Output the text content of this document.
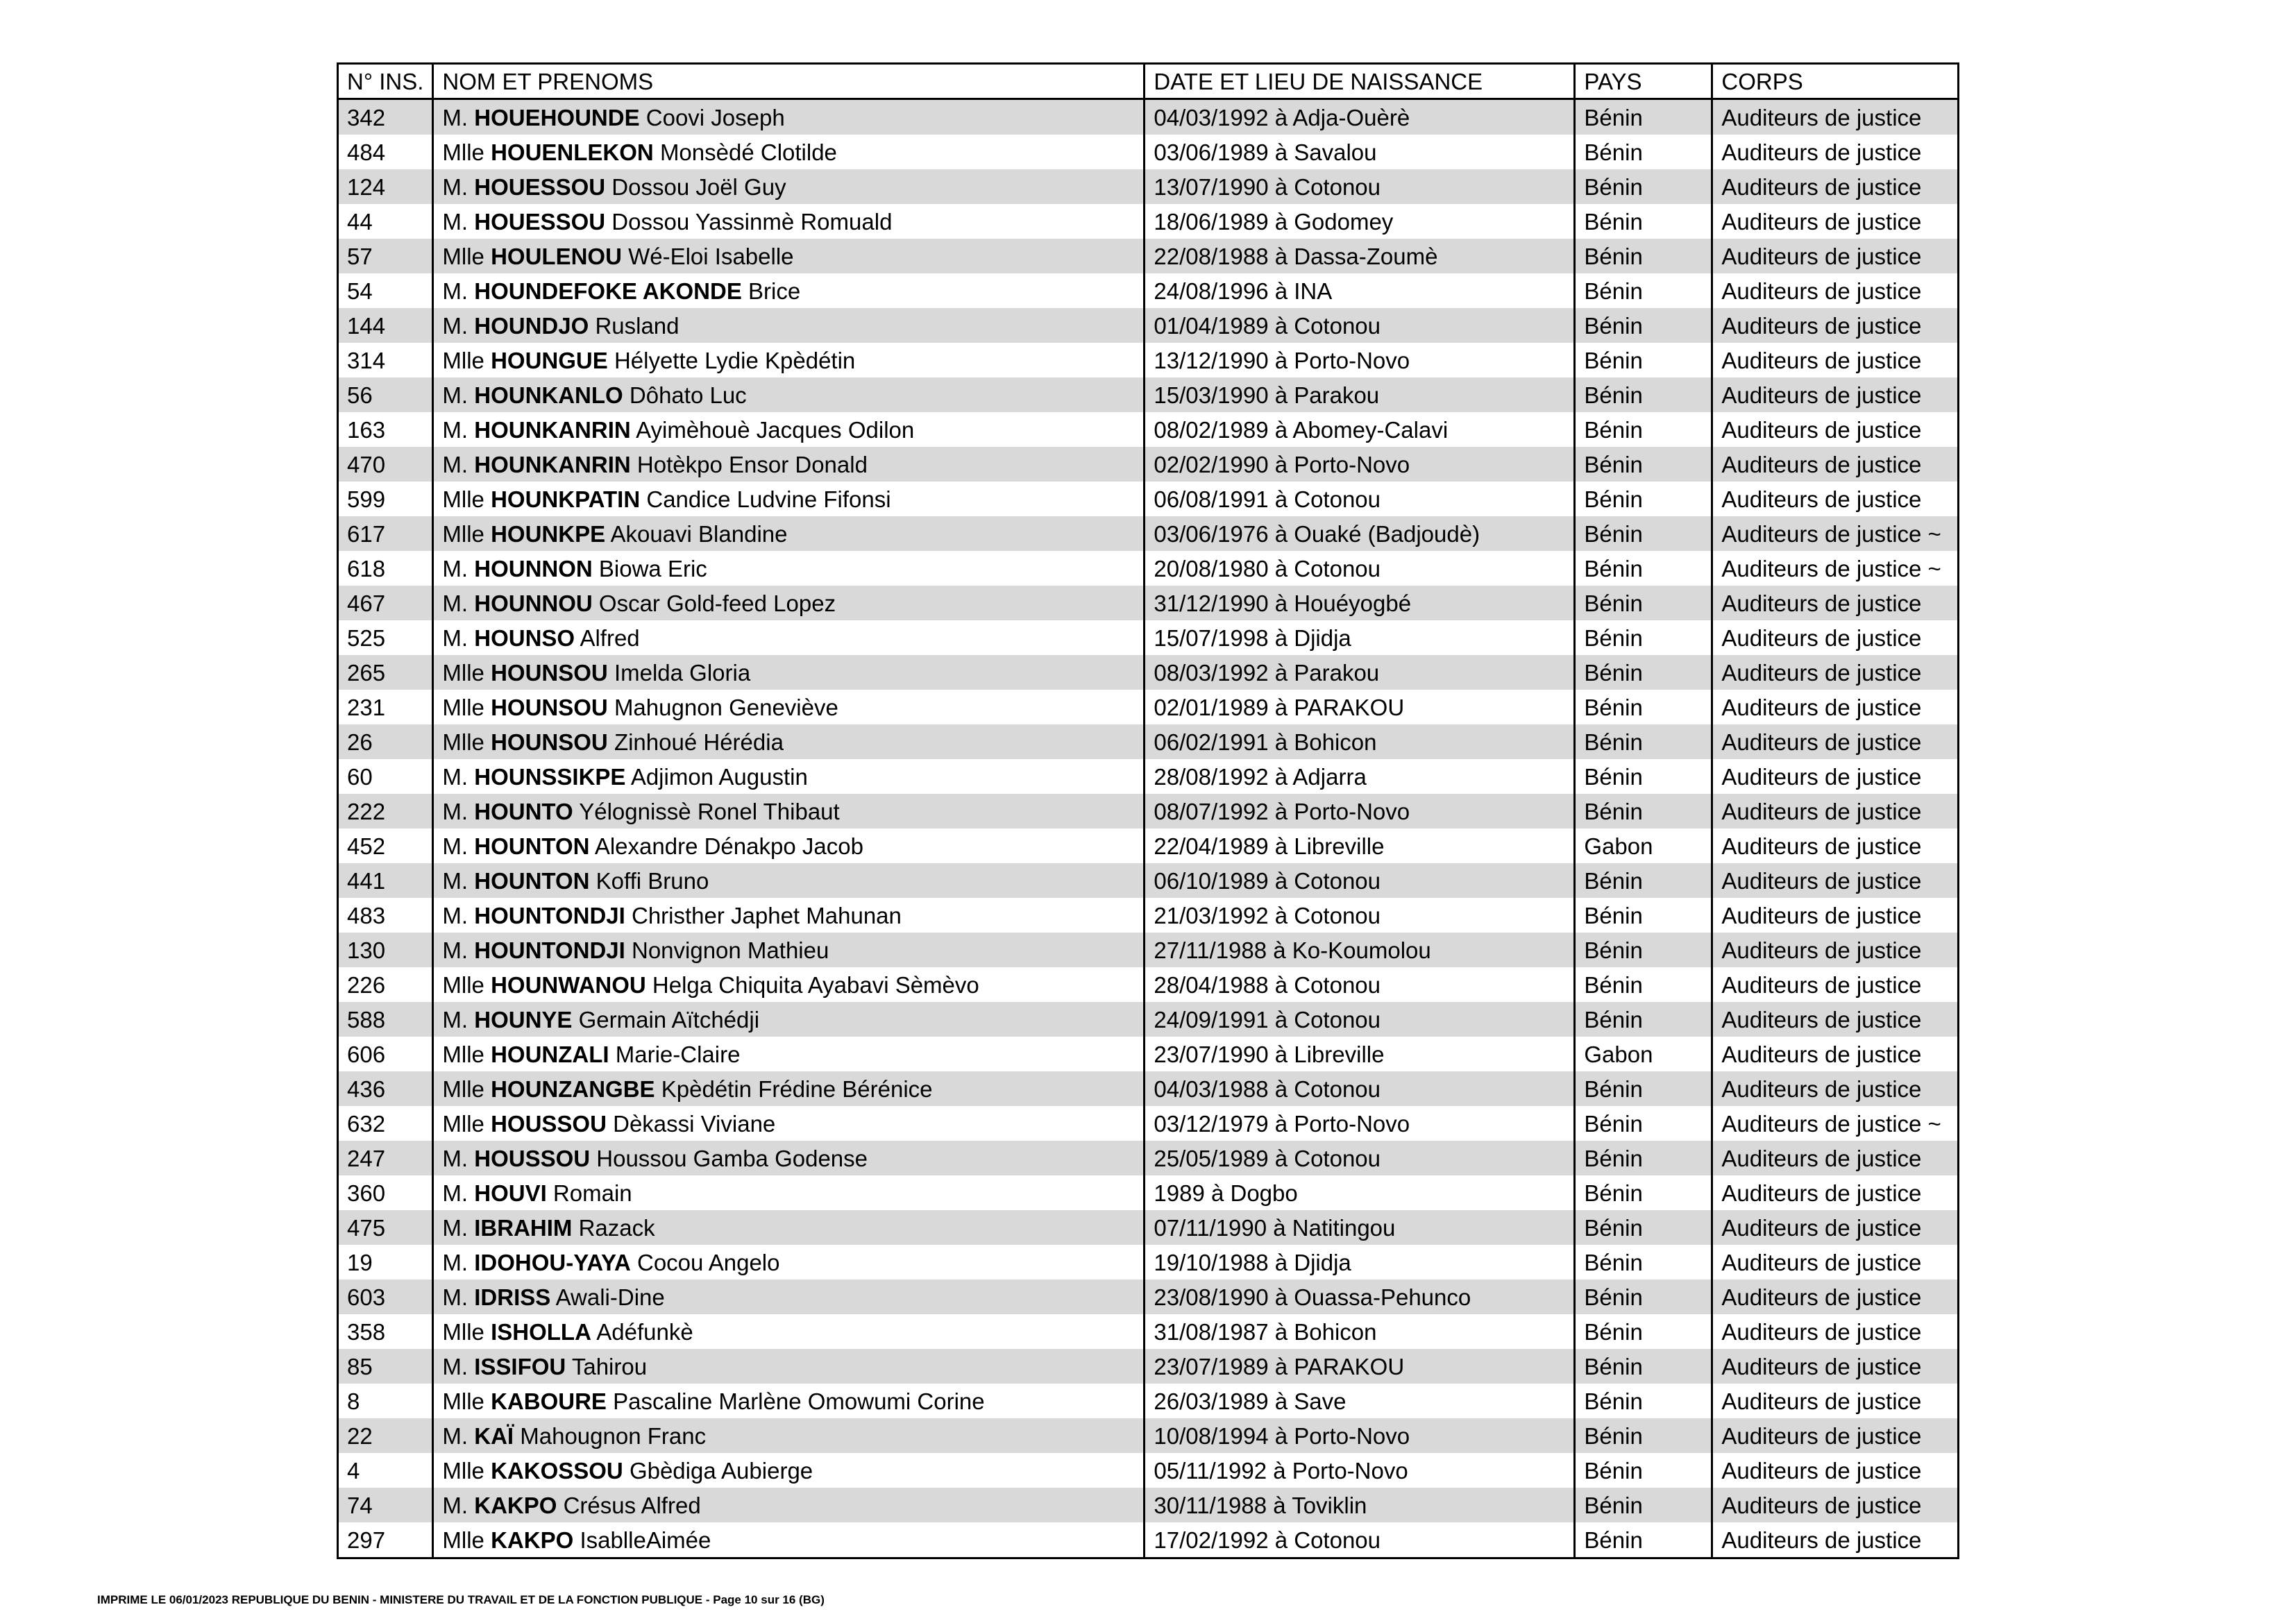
N° INS.	NOM ET PRENOMS	DATE ET LIEU DE NAISSANCE	PAYS	CORPS
342	M. HOUEHOUNDE Coovi Joseph	04/03/1992 à Adja-Ouèrè	Bénin	Auditeurs de justice
484	Mlle HOUENLEKON Monsèdé Clotilde	03/06/1989 à Savalou	Bénin	Auditeurs de justice
124	M. HOUESSOU Dossou Joël Guy	13/07/1990 à Cotonou	Bénin	Auditeurs de justice
44	M. HOUESSOU Dossou Yassinmè Romuald	18/06/1989 à Godomey	Bénin	Auditeurs de justice
57	Mlle HOULENOU Wé-Eloi Isabelle	22/08/1988 à Dassa-Zoumè	Bénin	Auditeurs de justice
54	M. HOUNDEFOKE AKONDE Brice	24/08/1996 à INA	Bénin	Auditeurs de justice
144	M. HOUNDJO Rusland	01/04/1989 à Cotonou	Bénin	Auditeurs de justice
314	Mlle HOUNGUE Hélyette Lydie Kpèdétin	13/12/1990 à Porto-Novo	Bénin	Auditeurs de justice
56	M. HOUNKANLO Dôhato Luc	15/03/1990 à Parakou	Bénin	Auditeurs de justice
163	M. HOUNKANRIN Ayimèhouè Jacques Odilon	08/02/1989 à Abomey-Calavi	Bénin	Auditeurs de justice
470	M. HOUNKANRIN Hotèkpo Ensor Donald	02/02/1990 à Porto-Novo	Bénin	Auditeurs de justice
599	Mlle HOUNKPATIN Candice Ludvine Fifonsi	06/08/1991 à Cotonou	Bénin	Auditeurs de justice
617	Mlle HOUNKPE Akouavi Blandine	03/06/1976 à Ouaké (Badjoudè)	Bénin	Auditeurs de justice ~
618	M. HOUNNON Biowa Eric	20/08/1980 à Cotonou	Bénin	Auditeurs de justice ~
467	M. HOUNNOU Oscar Gold-feed Lopez	31/12/1990 à Houéyogbé	Bénin	Auditeurs de justice
525	M. HOUNSO Alfred	15/07/1998 à Djidja	Bénin	Auditeurs de justice
265	Mlle HOUNSOU Imelda Gloria	08/03/1992 à Parakou	Bénin	Auditeurs de justice
231	Mlle HOUNSOU Mahugnon Geneviève	02/01/1989 à PARAKOU	Bénin	Auditeurs de justice
26	Mlle HOUNSOU Zinhoué Hérédia	06/02/1991 à Bohicon	Bénin	Auditeurs de justice
60	M. HOUNSSIKPE Adjimon Augustin	28/08/1992 à Adjarra	Bénin	Auditeurs de justice
222	M. HOUNTO Yélognissè Ronel Thibaut	08/07/1992 à Porto-Novo	Bénin	Auditeurs de justice
452	M. HOUNTON Alexandre Dénakpo Jacob	22/04/1989 à Libreville	Gabon	Auditeurs de justice
441	M. HOUNTON Koffi Bruno	06/10/1989 à Cotonou	Bénin	Auditeurs de justice
483	M. HOUNTONDJI Christher Japhet Mahunan	21/03/1992 à Cotonou	Bénin	Auditeurs de justice
130	M. HOUNTONDJI Nonvignon Mathieu	27/11/1988 à Ko-Koumolou	Bénin	Auditeurs de justice
226	Mlle HOUNWANOU Helga Chiquita Ayabavi Sèmèvo	28/04/1988 à Cotonou	Bénin	Auditeurs de justice
588	M. HOUNYE Germain Aïtchédji	24/09/1991 à Cotonou	Bénin	Auditeurs de justice
606	Mlle HOUNZALI Marie-Claire	23/07/1990 à Libreville	Gabon	Auditeurs de justice
436	Mlle HOUNZANGBE Kpèdétin Frédine Bérénice	04/03/1988 à Cotonou	Bénin	Auditeurs de justice
632	Mlle HOUSSOU Dèkassi Viviane	03/12/1979 à Porto-Novo	Bénin	Auditeurs de justice ~
247	M. HOUSSOU Houssou Gamba Godense	25/05/1989 à Cotonou	Bénin	Auditeurs de justice
360	M. HOUVI Romain	1989 à Dogbo	Bénin	Auditeurs de justice
475	M. IBRAHIM Razack	07/11/1990 à Natitingou	Bénin	Auditeurs de justice
19	M. IDOHOU-YAYA Cocou Angelo	19/10/1988 à Djidja	Bénin	Auditeurs de justice
603	M. IDRISS Awali-Dine	23/08/1990 à Ouassa-Pehunco	Bénin	Auditeurs de justice
358	Mlle ISHOLLA Adéfunkè	31/08/1987 à Bohicon	Bénin	Auditeurs de justice
85	M. ISSIFOU Tahirou	23/07/1989 à PARAKOU	Bénin	Auditeurs de justice
8	Mlle KABOURE Pascaline Marlène Omowumi Corine	26/03/1989 à Save	Bénin	Auditeurs de justice
22	M. KAÏ Mahougnon Franc	10/08/1994 à Porto-Novo	Bénin	Auditeurs de justice
4	Mlle KAKOSSOU Gbèdiga Aubierge	05/11/1992 à Porto-Novo	Bénin	Auditeurs de justice
74	M. KAKPO Crésus Alfred	30/11/1988 à Toviklin	Bénin	Auditeurs de justice
297	Mlle KAKPO IsablleAimée	17/02/1992 à Cotonou	Bénin	Auditeurs de justice
IMPRIME LE 06/01/2023 REPUBLIQUE DU BENIN - MINISTERE DU TRAVAIL ET DE LA FONCTION PUBLIQUE - Page 10 sur 16 (BG)
